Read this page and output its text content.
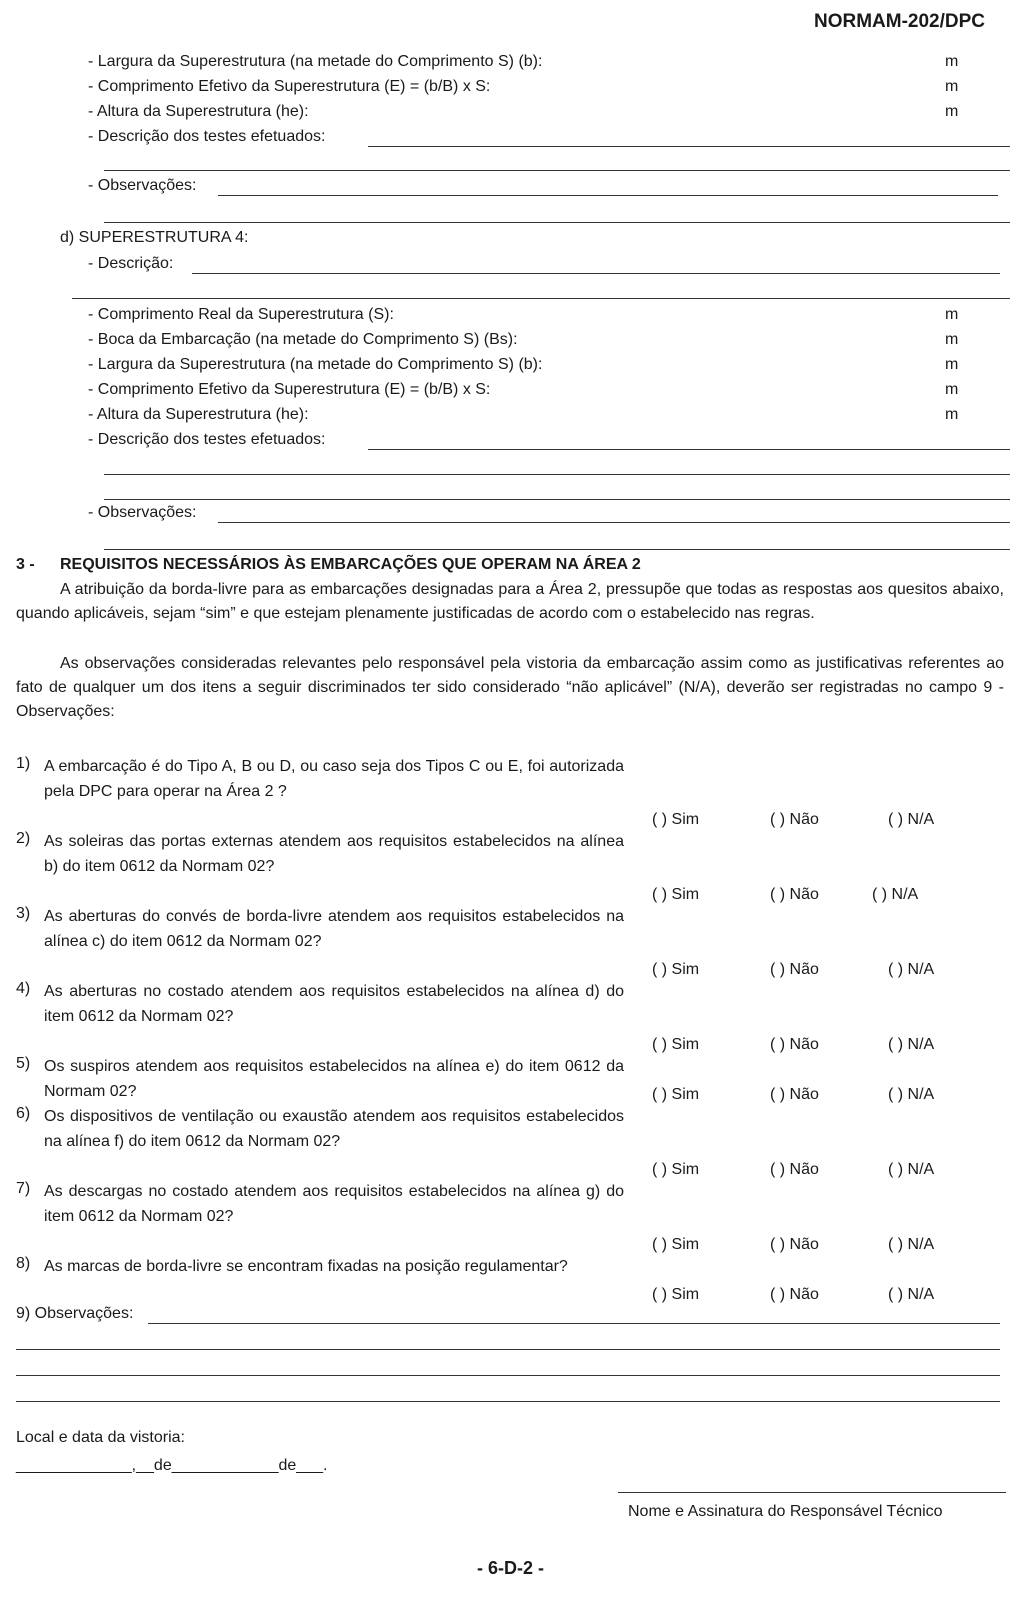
NORMAM-202/DPC
- Largura da Superestrutura (na metade do Comprimento S) (b):	m
- Comprimento Efetivo da Superestrutura (E) = (b/B) x S:	m
- Altura da Superestrutura (he):	m
- Descrição dos testes efetuados:
- Observações:
d) SUPERESTRUTURA 4:
- Descrição:
- Comprimento Real da Superestrutura (S):	m
- Boca da Embarcação (na metade do Comprimento S) (Bs):	m
- Largura da Superestrutura (na metade do Comprimento S) (b):	m
- Comprimento Efetivo da Superestrutura (E) = (b/B) x S:	m
- Altura da Superestrutura (he):	m
- Descrição dos testes efetuados:
- Observações:
3 - REQUISITOS NECESSÁRIOS ÀS EMBARCAÇÕES QUE OPERAM NA ÁREA 2
A atribuição da borda-livre para as embarcações designadas para a Área 2, pressupõe que todas as respostas aos quesitos abaixo, quando aplicáveis, sejam “sim” e que estejam plenamente justificadas de acordo com o estabelecido nas regras.
As observações consideradas relevantes pelo responsável pela vistoria da embarcação assim como as justificativas referentes ao fato de qualquer um dos itens a seguir discriminados ter sido considerado “não aplicável” (N/A), deverão ser registradas no campo 9 - Observações:
1) A embarcação é do Tipo A, B ou D, ou caso seja dos Tipos C ou E, foi autorizada pela DPC para operar na Área 2 ?
( ) Sim	( ) Não	( ) N/A
2) As soleiras das portas externas atendem aos requisitos estabelecidos na alínea b) do item 0612 da Normam 02?
( ) Sim	( ) Não	( ) N/A
3) As aberturas do convés de borda-livre atendem aos requisitos estabelecidos na alínea c) do item 0612 da Normam 02?
( ) Sim	( ) Não	( ) N/A
4) As aberturas no costado atendem aos requisitos estabelecidos na alínea d) do item 0612 da Normam 02?
( ) Sim	( ) Não	( ) N/A
5) Os suspiros atendem aos requisitos estabelecidos na alínea e) do item 0612 da Normam 02?	( ) Sim	( ) Não	( ) N/A
6) Os dispositivos de ventilação ou exaustão atendem aos requisitos estabelecidos na alínea f) do item 0612 da Normam 02?
( ) Sim	( ) Não	( ) N/A
7) As descargas no costado atendem aos requisitos estabelecidos na alínea g) do item 0612 da Normam 02?
( ) Sim	( ) Não	( ) N/A
8) As marcas de borda-livre se encontram fixadas na posição regulamentar?
( ) Sim	( ) Não	( ) N/A
9) Observações:
Local e data da vistoria:
_____________,__de____________de___.
Nome e Assinatura do Responsável Técnico
- 6-D-2 -
